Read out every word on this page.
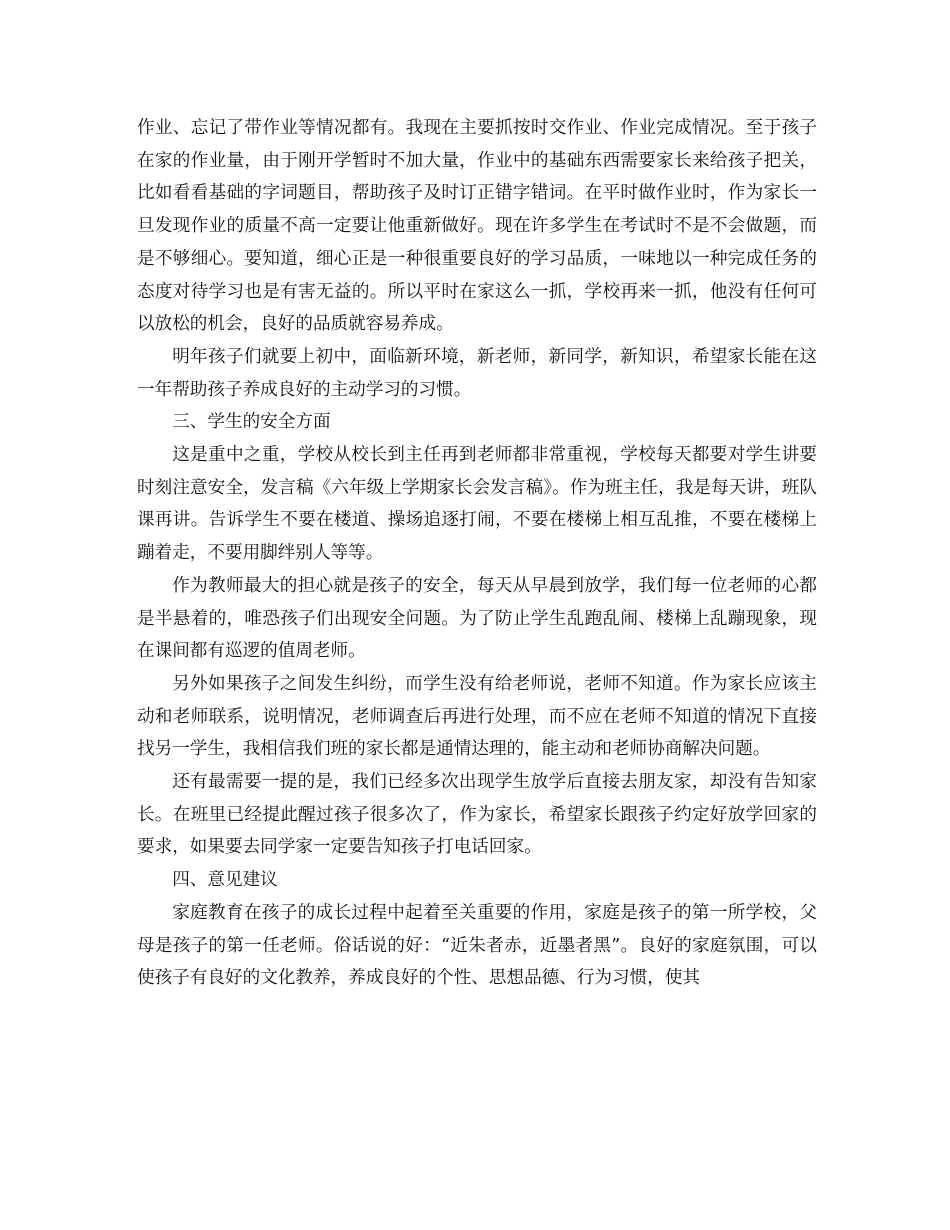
作业、忘记了带作业等情况都有。我现在主要抓按时交作业、作业完成情况。至于孩子在家的作业量，由于刚开学暂时不加大量，作业中的基础东西需要家长来给孩子把关，比如看看基础的字词题目，帮助孩子及时订正错字错词。在平时做作业时，作为家长一旦发现作业的质量不高一定要让他重新做好。现在许多学生在考试时不是不会做题，而是不够细心。要知道，细心正是一种很重要良好的学习品质，一味地以一种完成任务的态度对待学习也是有害无益的。所以平时在家这么一抓，学校再来一抓，他没有任何可以放松的机会，良好的品质就容易养成。

明年孩子们就要上初中，面临新环境，新老师，新同学，新知识，希望家长能在这一年帮助孩子养成良好的主动学习的习惯。

三、学生的安全方面

这是重中之重，学校从校长到主任再到老师都非常重视，学校每天都要对学生讲要时刻注意安全，发言稿《六年级上学期家长会发言稿》。作为班主任，我是每天讲，班队课再讲。告诉学生不要在楼道、操场追逐打闹，不要在楼梯上相互乱推，不要在楼梯上蹦着走，不要用脚绊别人等等。

作为教师最大的担心就是孩子的安全，每天从早晨到放学，我们每一位老师的心都是半悬着的，唯恐孩子们出现安全问题。为了防止学生乱跑乱闹、楼梯上乱蹦现象，现在课间都有巡逻的值周老师。

另外如果孩子之间发生纠纷，而学生没有给老师说，老师不知道。作为家长应该主动和老师联系，说明情况，老师调查后再进行处理，而不应在老师不知道的情况下直接找另一学生，我相信我们班的家长都是通情达理的，能主动和老师协商解决问题。

还有最需要一提的是，我们已经多次出现学生放学后直接去朋友家，却没有告知家长。在班里已经提此醒过孩子很多次了，作为家长，希望家长跟孩子约定好放学回家的要求，如果要去同学家一定要告知孩子打电话回家。

四、意见建议

家庭教育在孩子的成长过程中起着至关重要的作用，家庭是孩子的第一所学校，父母是孩子的第一任老师。俗话说的好：“近朱者赤，近墨者黑”。良好的家庭氛围，可以使孩子有良好的文化教养，养成良好的个性、思想品德、行为习惯，使其
